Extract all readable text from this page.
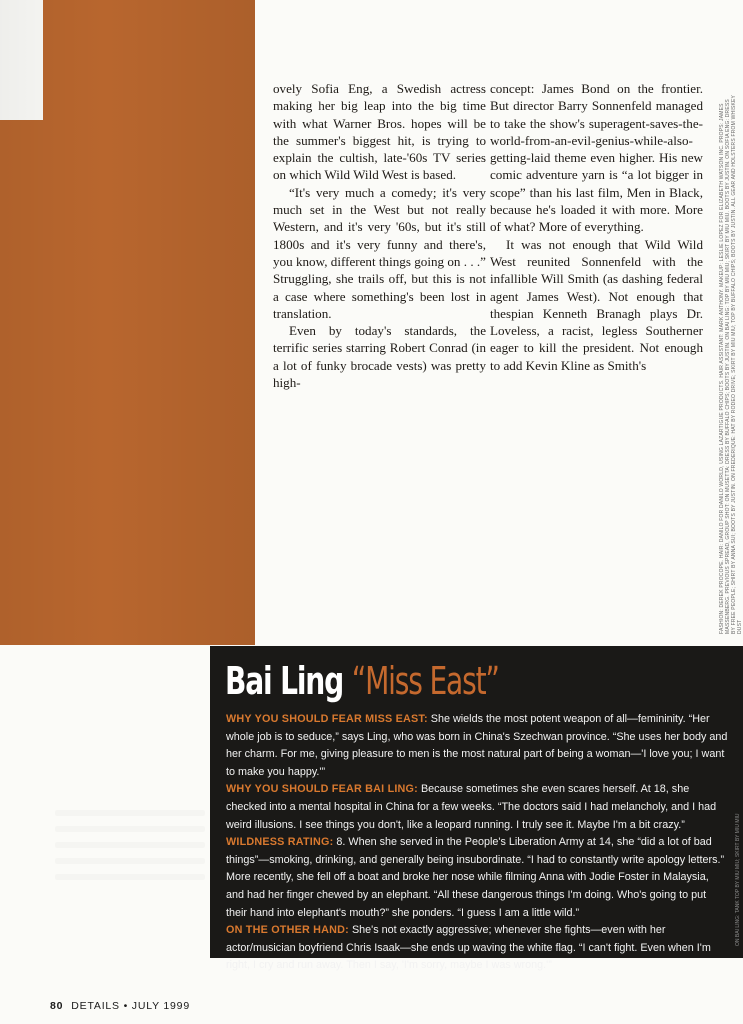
ovely Sofia Eng, a Swedish actress making her big leap into the big time with what Warner Bros. hopes will be the summer's biggest hit, is trying to explain the cultish, late-'60s TV series on which Wild Wild West is based.

“It's very much a comedy; it's very much set in the West but not really Western, and it's very '60s, but it's still 1800s and it's very funny and there's, you know, different things going on . . .” Struggling, she trails off, but this is not a case where something's been lost in translation.

Even by today's standards, the terrific series starring Robert Conrad (in a lot of funky brocade vests) was pretty high-

concept: James Bond on the frontier. But director Barry Sonnenfeld managed to take the show's superagent-saves-the-world-from-an-evil-genius-while-also-getting-laid theme even higher. His new comic adventure yarn is “a lot bigger in scope” than his last film, Men in Black, because he's loaded it with more. More of what? More of everything.

It was not enough that Wild Wild West reunited Sonnenfeld with the infallible Will Smith (as dashing federal agent James West). Not enough that thespian Kenneth Branagh plays Dr. Loveless, a racist, legless Southerner eager to kill the president. Not enough to add Kevin Kline as Smith's	FASHION: DEREK PROCOPE. HAIR: DANILO FOR DANILO WORLD, USING LAZARTIGUE PRODUCTS. HAIR ASSISTANT: MARK ANTHONY. MAKEUP: LESLIE LOPEZ FOR ELIZABETH WATSON INC. PROPS: JAMES MASSENBERG. PREVIOUS SPREAD, GROUP SHOT: ON MUSETTA: DRESS BY BUFFALO CHIPS; BOOTS BY JUSTIN. ON BAI LING: TOP BY MIU MIU; SKIRT BY MIU MIU. BOOTS BY JUSTIN. ON SOFIA ENG: DRESS BY FREE PEOPLE; SHIRT BY ANNA SUI; BOOTS BY JUSTIN. ON FREDERIQUE: HAT BY RODEO DRIVE; SKIRT BY MIU MIU; TOP BY BUFFALO CHIPS; BOOTS BY JUSTIN. ALL GEAR AND HOLSTERS FROM WHISKEY DUST
Bai Ling “Miss East”

WHY YOU SHOULD FEAR MISS EAST: She wields the most potent weapon of all—femininity. “Her whole job is to seduce,” says Ling, who was born in China's Szechwan province. “She uses her body and her charm. For me, giving pleasure to men is the most natural part of being a woman—'I love you; I want to make you happy.'”

WHY YOU SHOULD FEAR BAI LING: Because sometimes she even scares herself. At 18, she checked into a mental hospital in China for a few weeks. “The doctors said I had melancholy, and I had weird illusions. I see things you don't, like a leopard running. I truly see it. Maybe I'm a bit crazy.”

WILDNESS RATING: 8. When she served in the People's Liberation Army at 14, she “did a lot of bad things”—smoking, drinking, and generally being insubordinate. “I had to constantly write apology letters.” More recently, she fell off a boat and broke her nose while filming Anna with Jodie Foster in Malaysia, and had her finger chewed by an elephant. “All these dangerous things I'm doing. Who's going to put their hand into elephant's mouth?” she ponders. “I guess I am a little wild.”

ON THE OTHER HAND: She's not exactly aggressive; whenever she fights—even with her actor/musician boyfriend Chris Isaak—she ends up waving the white flag. “I can't fight. Even when I'm right, I cry and run away. Then I say, 'I'm sorry, maybe I was wrong.'”

ON BAI LING: TANK TOP BY MIU MIU; SKIRT BY MIU MIU
80 DETAILS • JULY 1999
